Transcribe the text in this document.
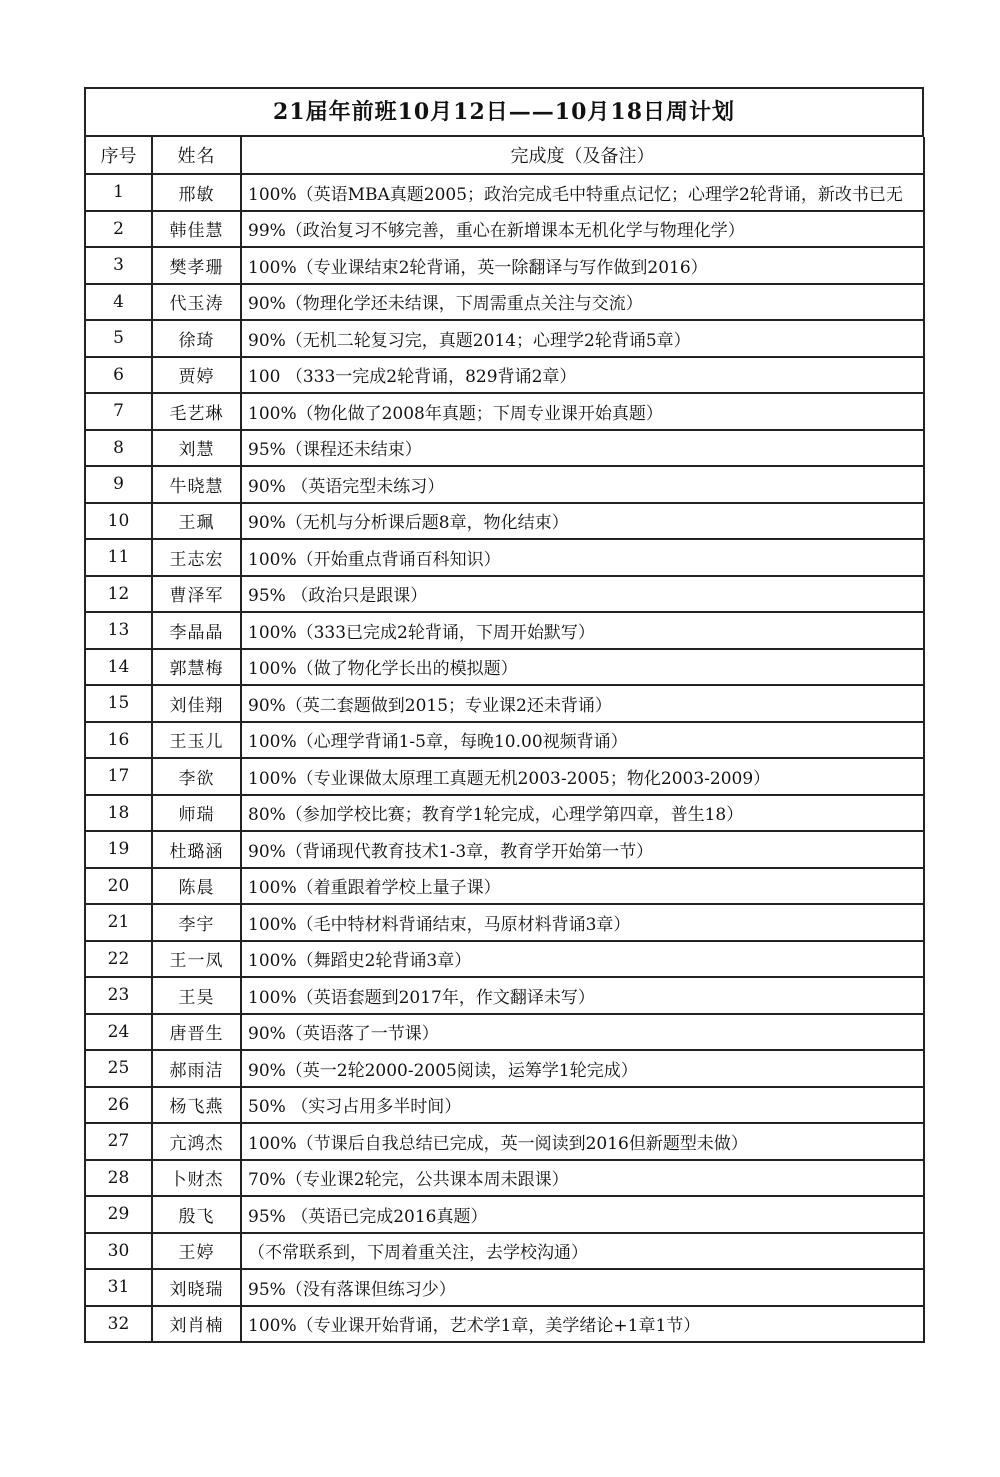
21届年前班10月12日——10月18日周计划
序号	姓名	完成度（及备注）
1	邢敏	100%（英语MBA真题2005；政治完成毛中特重点记忆；心理学2轮背诵，新改书已无
2	韩佳慧	99%（政治复习不够完善，重心在新增课本无机化学与物理化学）
3	樊孝珊	100%（专业课结束2轮背诵，英一除翻译与写作做到2016）
4	代玉涛	90%（物理化学还未结课，下周需重点关注与交流）
5	徐琦	90%（无机二轮复习完，真题2014；心理学2轮背诵5章）
6	贾婷	100 （333一完成2轮背诵，829背诵2章）
7	毛艺琳	100%（物化做了2008年真题；下周专业课开始真题）
8	刘慧	95%（课程还未结束）
9	牛晓慧	90% （英语完型未练习）
10	王珮	90%（无机与分析课后题8章，物化结束）
11	王志宏	100%（开始重点背诵百科知识）
12	曹泽军	95% （政治只是跟课）
13	李晶晶	100%（333已完成2轮背诵，下周开始默写）
14	郭慧梅	100%（做了物化学长出的模拟题）
15	刘佳翔	90%（英二套题做到2015；专业课2还未背诵）
16	王玉儿	100%（心理学背诵1-5章，每晚10.00视频背诵）
17	李欲	100%（专业课做太原理工真题无机2003-2005；物化2003-2009）
18	师瑞	80%（参加学校比赛；教育学1轮完成，心理学第四章，普生18）
19	杜璐涵	90%（背诵现代教育技术1-3章，教育学开始第一节）
20	陈晨	100%（着重跟着学校上量子课）
21	李宇	100%（毛中特材料背诵结束，马原材料背诵3章）
22	王一凤	100%（舞蹈史2轮背诵3章）
23	王昊	100%（英语套题到2017年，作文翻译未写）
24	唐晋生	90%（英语落了一节课）
25	郝雨洁	90%（英一2轮2000-2005阅读，运筹学1轮完成）
26	杨飞燕	50% （实习占用多半时间）
27	亢鸿杰	100%（节课后自我总结已完成，英一阅读到2016但新题型未做）
28	卜财杰	70%（专业课2轮完，公共课本周未跟课）
29	殷飞	95% （英语已完成2016真题）
30	王婷	（不常联系到，下周着重关注，去学校沟通）
31	刘晓瑞	95%（没有落课但练习少）
32	刘肖楠	100%（专业课开始背诵，艺术学1章，美学绪论+1章1节）
